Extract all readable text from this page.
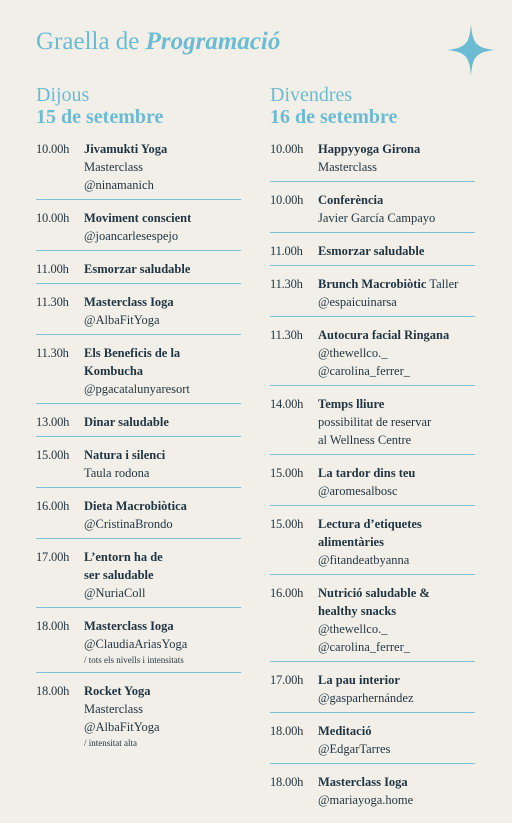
Graella de Programació
Dijous
15 de setembre
10.00h	Jivamukti Yoga
Masterclass
@ninamanich
10.00h	Moviment conscient
@joancarlesespejo
11.00h	Esmorzar saludable
11.30h	Masterclass Ioga
@AlbaFitYoga
11.30h	Els Beneficis de la
Kombucha
@pgacatalunyaresort
13.00h	Dinar saludable
15.00h	Natura i silenci
Taula rodona
16.00h	Dieta Macrobiòtica
@CristinaBrondo
17.00h	L’entorn ha de
ser saludable
@NuriaColl
18.00h	Masterclass Ioga
@ClaudiaAriasYoga
/ tots els nivells i intensitats
18.00h	Rocket Yoga
Masterclass
@AlbaFitYoga
/ intensitat alta
Divendres
16 de setembre
10.00h	Happyyoga Girona
Masterclass
10.00h	Conferència
Javier García Campayo
11.00h	Esmorzar saludable
11.30h	Brunch Macrobiòtic Taller
@espaicuinarsa
11.30h	Autocura facial Ringana
@thewellco._
@carolina_ferrer_
14.00h	Temps lliure
possibilitat de reservar
al Wellness Centre
15.00h	La tardor dins teu
@aromesalbosc
15.00h	Lectura d’etiquetes
alimentàries
@fitandeatbyanna
16.00h	Nutrició saludable &
healthy snacks
@thewellco._
@carolina_ferrer_
17.00h	La pau interior
@gasparhernández
18.00h	Meditació
@EdgarTarres
18.00h	Masterclass Ioga
@mariayoga.home
